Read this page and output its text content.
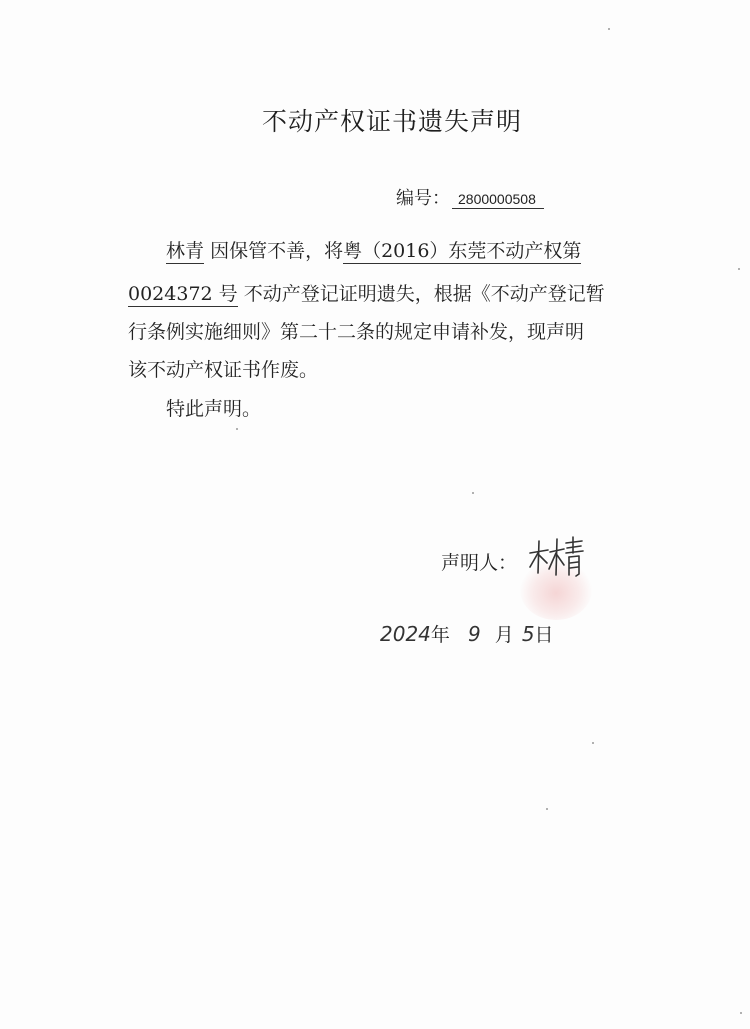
不动产权证书遗失声明
编号： 2800000508
林青 因保管不善，将粤（2016）东莞不动产权第
0024372 号 不动产登记证明遗失，根据《不动产登记暂
行条例实施细则》第二十二条的规定申请补发，现声明
该不动产权证书作废。
特此声明。
声明人：
2024年 9 月 5日
